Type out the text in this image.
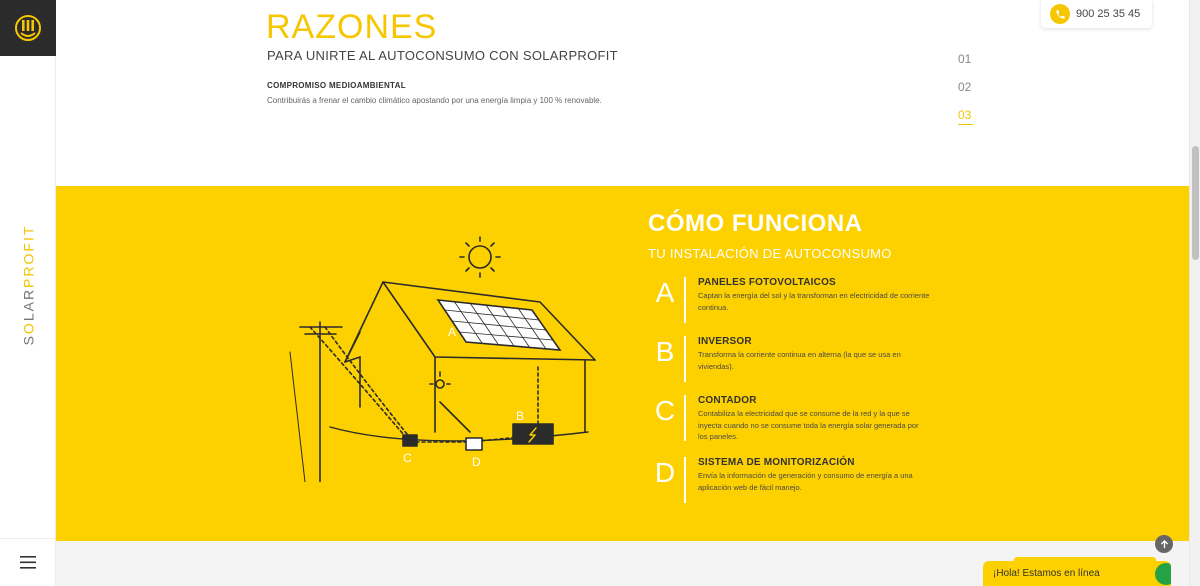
SOLARPROFIT
RAZONES
PARA UNIRTE AL AUTOCONSUMO CON SOLARPROFIT
COMPROMISO MEDIOAMBIENTAL
Contribuirás a frenar el cambio climático apostando por una energía limpia y 100 % renovable.
01
02
03
900 25 35 45
A
B
C	D
CÓMO FUNCIONA
TU INSTALACIÓN DE AUTOCONSUMO
A	PANELES FOTOVOLTAICOS
Captan la energía del sol y la transforman en electricidad de corriente continua.
B	INVERSOR
Transforma la corriente continua en alterna (la que se usa en viviendas).
C	CONTADOR
Contabiliza la electricidad que se consume de la red y la que se inyecta cuando no se consume toda la energía solar generada por los paneles.
D	SISTEMA DE MONITORIZACIÓN
Envía la información de generación y consumo de energía a una aplicación web de fácil manejo.
¡Hola! Estamos en línea
